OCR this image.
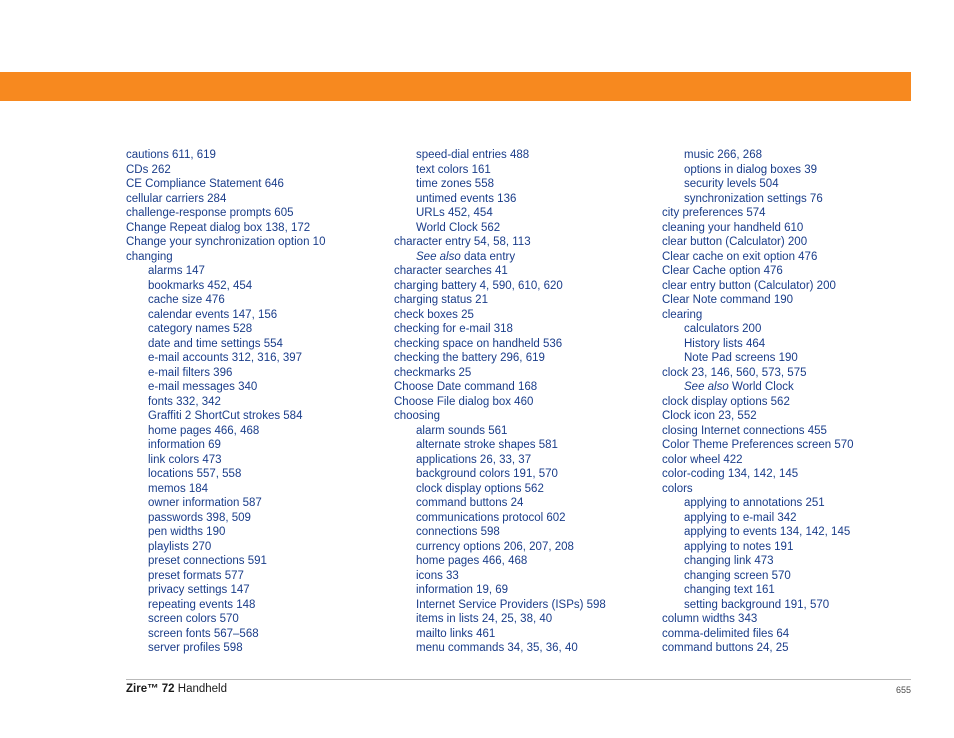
cautions 611, 619
CDs 262
CE Compliance Statement 646
cellular carriers 284
challenge-response prompts 605
Change Repeat dialog box 138, 172
Change your synchronization option 10
changing
alarms 147
bookmarks 452, 454
cache size 476
calendar events 147, 156
category names 528
date and time settings 554
e-mail accounts 312, 316, 397
e-mail filters 396
e-mail messages 340
fonts 332, 342
Graffiti 2 ShortCut strokes 584
home pages 466, 468
information 69
link colors 473
locations 557, 558
memos 184
owner information 587
passwords 398, 509
pen widths 190
playlists 270
preset connections 591
preset formats 577
privacy settings 147
repeating events 148
screen colors 570
screen fonts 567–568
server profiles 598
speed-dial entries 488
text colors 161
time zones 558
untimed events 136
URLs 452, 454
World Clock 562
character entry 54, 58, 113
See also data entry
character searches 41
charging battery 4, 590, 610, 620
charging status 21
check boxes 25
checking for e-mail 318
checking space on handheld 536
checking the battery 296, 619
checkmarks 25
Choose Date command 168
Choose File dialog box 460
choosing
alarm sounds 561
alternate stroke shapes 581
applications 26, 33, 37
background colors 191, 570
clock display options 562
command buttons 24
communications protocol 602
connections 598
currency options 206, 207, 208
home pages 466, 468
icons 33
information 19, 69
Internet Service Providers (ISPs) 598
items in lists 24, 25, 38, 40
mailto links 461
menu commands 34, 35, 36, 40
music 266, 268
options in dialog boxes 39
security levels 504
synchronization settings 76
city preferences 574
cleaning your handheld 610
clear button (Calculator) 200
Clear cache on exit option 476
Clear Cache option 476
clear entry button (Calculator) 200
Clear Note command 190
clearing
calculators 200
History lists 464
Note Pad screens 190
clock 23, 146, 560, 573, 575
See also World Clock
clock display options 562
Clock icon 23, 552
closing Internet connections 455
Color Theme Preferences screen 570
color wheel 422
color-coding 134, 142, 145
colors
applying to annotations 251
applying to e-mail 342
applying to events 134, 142, 145
applying to notes 191
changing link 473
changing screen 570
changing text 161
setting background 191, 570
column widths 343
comma-delimited files 64
command buttons 24, 25
Zire™ 72 Handheld	655
